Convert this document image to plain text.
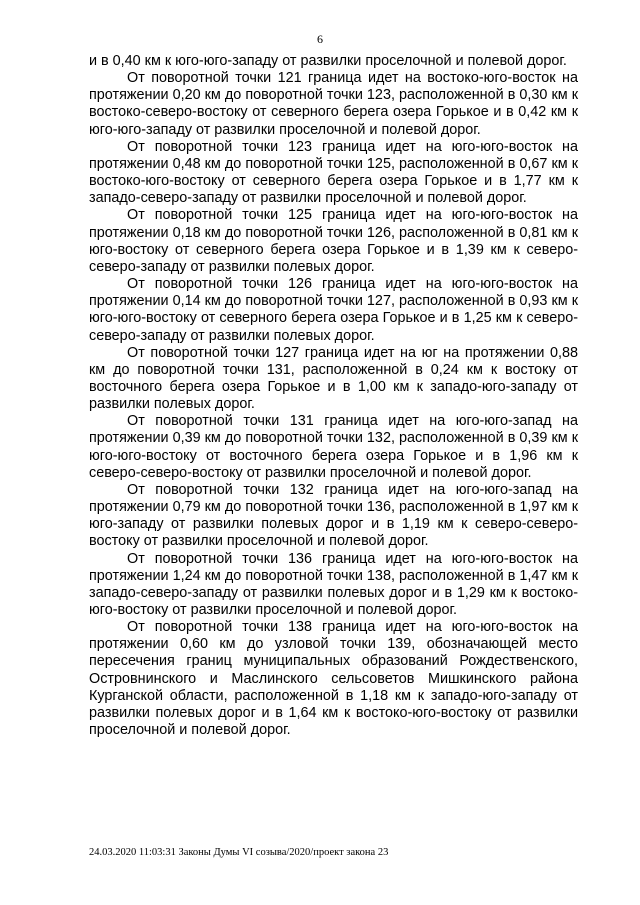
6

и в 0,40 км к юго-юго-западу от развилки проселочной и полевой дорог.

От поворотной точки 121 граница идет на востоко-юго-восток на протяжении 0,20 км до поворотной точки 123, расположенной в 0,30 км к востоко-северо-востоку от северного берега озера Горькое и в 0,42 км к юго-юго-западу от развилки проселочной и полевой дорог.

От поворотной точки 123 граница идет на юго-юго-восток на протяжении 0,48 км до поворотной точки 125, расположенной в 0,67 км к востоко-юго-востоку от северного берега озера Горькое и в 1,77 км к западо-северо-западу от развилки проселочной и полевой дорог.

От поворотной точки 125 граница идет на юго-юго-восток на протяжении 0,18 км до поворотной точки 126, расположенной в 0,81 км к юго-востоку от северного берега озера Горькое и в 1,39 км к северо-северо-западу от развилки полевых дорог.

От поворотной точки 126 граница идет на юго-юго-восток на протяжении 0,14 км до поворотной точки 127, расположенной в 0,93 км к юго-юго-востоку от северного берега озера Горькое и в 1,25 км к северо-северо-западу от развилки полевых дорог.

От поворотной точки 127 граница идет на юг на протяжении 0,88 км до поворотной точки 131, расположенной в 0,24 км к востоку от восточного берега озера Горькое и в 1,00 км к западо-юго-западу от развилки полевых дорог.

От поворотной точки 131 граница идет на юго-юго-запад на протяжении 0,39 км до поворотной точки 132, расположенной в 0,39 км к юго-юго-востоку от восточного берега озера Горькое и в 1,96 км к северо-северо-востоку от развилки проселочной и полевой дорог.

От поворотной точки 132 граница идет на юго-юго-запад на протяжении 0,79 км до поворотной точки 136, расположенной в 1,97 км к юго-западу от развилки полевых дорог и в 1,19 км к северо-северо-востоку от развилки проселочной и полевой дорог.

От поворотной точки 136 граница идет на юго-юго-восток на протяжении 1,24 км до поворотной точки 138, расположенной в 1,47 км к западо-северо-западу от развилки полевых дорог и в 1,29 км к востоко-юго-востоку от развилки проселочной и полевой дорог.

От поворотной точки 138 граница идет на юго-юго-восток на протяжении 0,60 км до узловой точки 139, обозначающей место пересечения границ муниципальных образований Рождественского, Островнинского и Маслинского сельсоветов Мишкинского района Курганской области, расположенной в 1,18 км к западо-юго-западу от развилки полевых дорог и в 1,64 км к востоко-юго-востоку от развилки проселочной и полевой дорог.

24.03.2020 11:03:31 Законы Думы VI созыва/2020/проект закона 23
